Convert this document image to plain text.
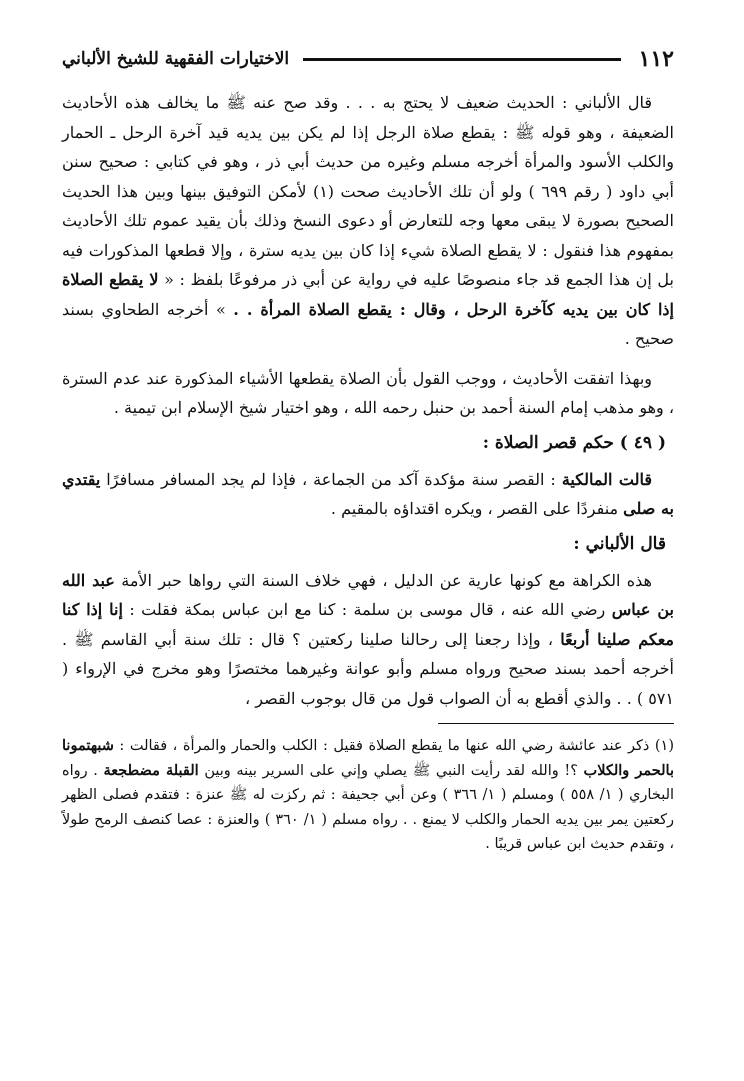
١١٢
الاختيارات الفقهية للشيخ الألباني

قال الألباني : الحديث ضعيف لا يحتج به . . . وقد صح عنه ﷺ ما يخالف هذه الأحاديث الضعيفة ، وهو قوله ﷺ : يقطع صلاة الرجل إذا لم يكن بين يديه قيد آخرة الرحل ـ الحمار والكلب الأسود والمرأة أخرجه مسلم وغيره من حديث أبي ذر ، وهو في كتابي : صحيح سنن أبي داود ( رقم ٦٩٩ ) ولو أن تلك الأحاديث صحت (١) لأمكن التوفيق بينها وبين هذا الحديث الصحيح بصورة لا يبقى معها وجه للتعارض أو دعوى النسخ وذلك بأن يقيد عموم تلك الأحاديث بمفهوم هذا فنقول : لا يقطع الصلاة شيء إذا كان بين يديه سترة ، وإلا قطعها المذكورات فيه بل إن هذا الجمع قد جاء منصوصًا عليه في رواية عن أبي ذر مرفوعًا بلفظ : « لا يقطع الصلاة إذا كان بين يديه كآخرة الرحل ، وقال : يقطع الصلاة المرأة . . » أخرجه الطحاوي بسند صحيح .

وبهذا اتفقت الأحاديث ، ووجب القول بأن الصلاة يقطعها الأشياء المذكورة عند عدم السترة ، وهو مذهب إمام السنة أحمد بن حنبل رحمه الله ، وهو اختيار شيخ الإسلام ابن تيمية .

( ٤٩ ) حكم قصر الصلاة :

قالت المالكية : القصر سنة مؤكدة آكد من الجماعة ، فإذا لم يجد المسافر مسافرًا يقتدي به صلى منفردًا على القصر ، ويكره اقتداؤه بالمقيم .

قال الألباني :

هذه الكراهة مع كونها عارية عن الدليل ، فهي خلاف السنة التي رواها حبر الأمة عبد الله بن عباس رضي الله عنه ، قال موسى بن سلمة : كنا مع ابن عباس بمكة فقلت : إنا إذا كنا معكم صلينا أربعًا ، وإذا رجعنا إلى رحالنا صلينا ركعتين ؟ قال : تلك سنة أبي القاسم ﷺ . أخرجه أحمد بسند صحيح ورواه مسلم وأبو عوانة وغيرهما مختصرًا وهو مخرج في الإرواء ( ٥٧١ ) . . والذي أقطع به أن الصواب قول من قال بوجوب القصر ،

(١) ذكر عند عائشة رضي الله عنها ما يقطع الصلاة فقيل : الكلب والحمار والمرأة ، فقالت : شبهتمونا بالحمر والكلاب ؟! والله لقد رأيت النبي ﷺ يصلي وإني على السرير بينه وبين القبلة مضطجعة . رواه البخاري ( ١/ ٥٥٨ ) ومسلم ( ١/ ٣٦٦ ) وعن أبي جحيفة : ثم ركزت له ﷺ عنزة : فتقدم فصلى الظهر ركعتين يمر بين يديه الحمار والكلب لا يمنع . . رواه مسلم ( ١/ ٣٦٠ ) والعنزة : عصا كنصف الرمح طولاً ، وتقدم حديث ابن عباس قريبًا .
